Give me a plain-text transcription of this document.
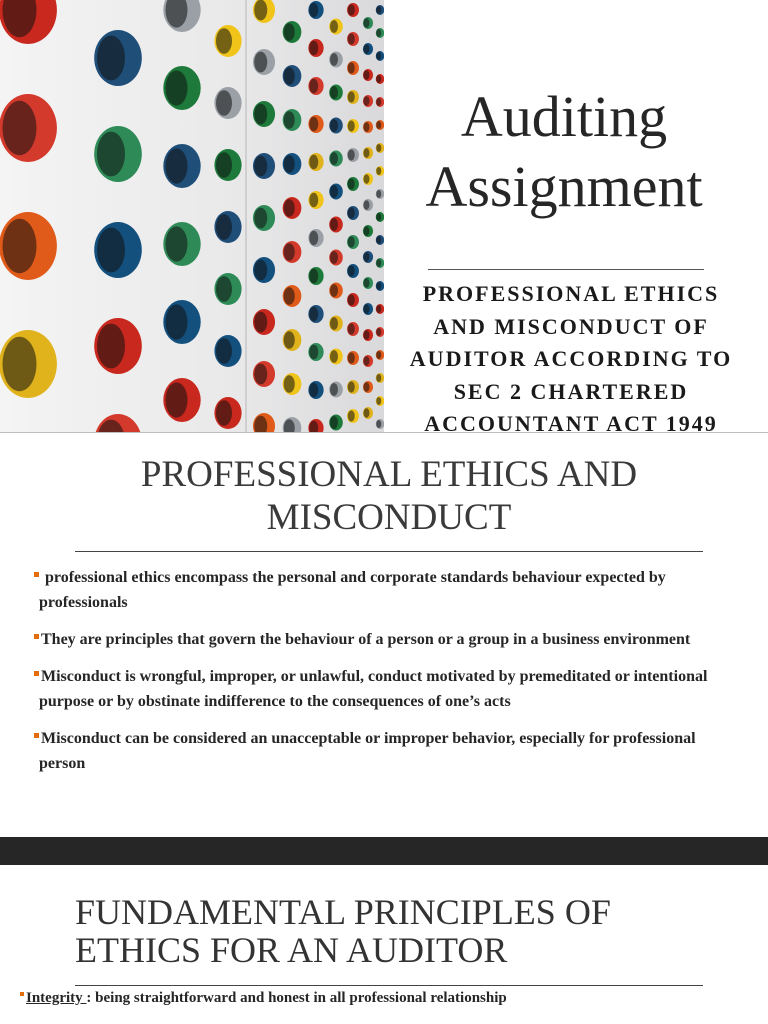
Auditing
Assignment
PROFESSIONAL ETHICS
AND MISCONDUCT OF
AUDITOR ACCORDING TO
SEC 2 CHARTERED
ACCOUNTANT ACT 1949
PROFESSIONAL ETHICS AND
MISCONDUCT
professional ethics encompass the personal and corporate standards behaviour expected by professionals
They are principles that govern the behaviour of a person or a group in a business environment
Misconduct is wrongful, improper, or unlawful, conduct motivated by premeditated or intentional purpose or by obstinate indifference to the consequences of one’s acts
Misconduct can be considered an unacceptable or improper behavior, especially for professional person
FUNDAMENTAL PRINCIPLES OF
ETHICS FOR AN AUDITOR
Integrity : being straightforward and honest in all professional relationship
